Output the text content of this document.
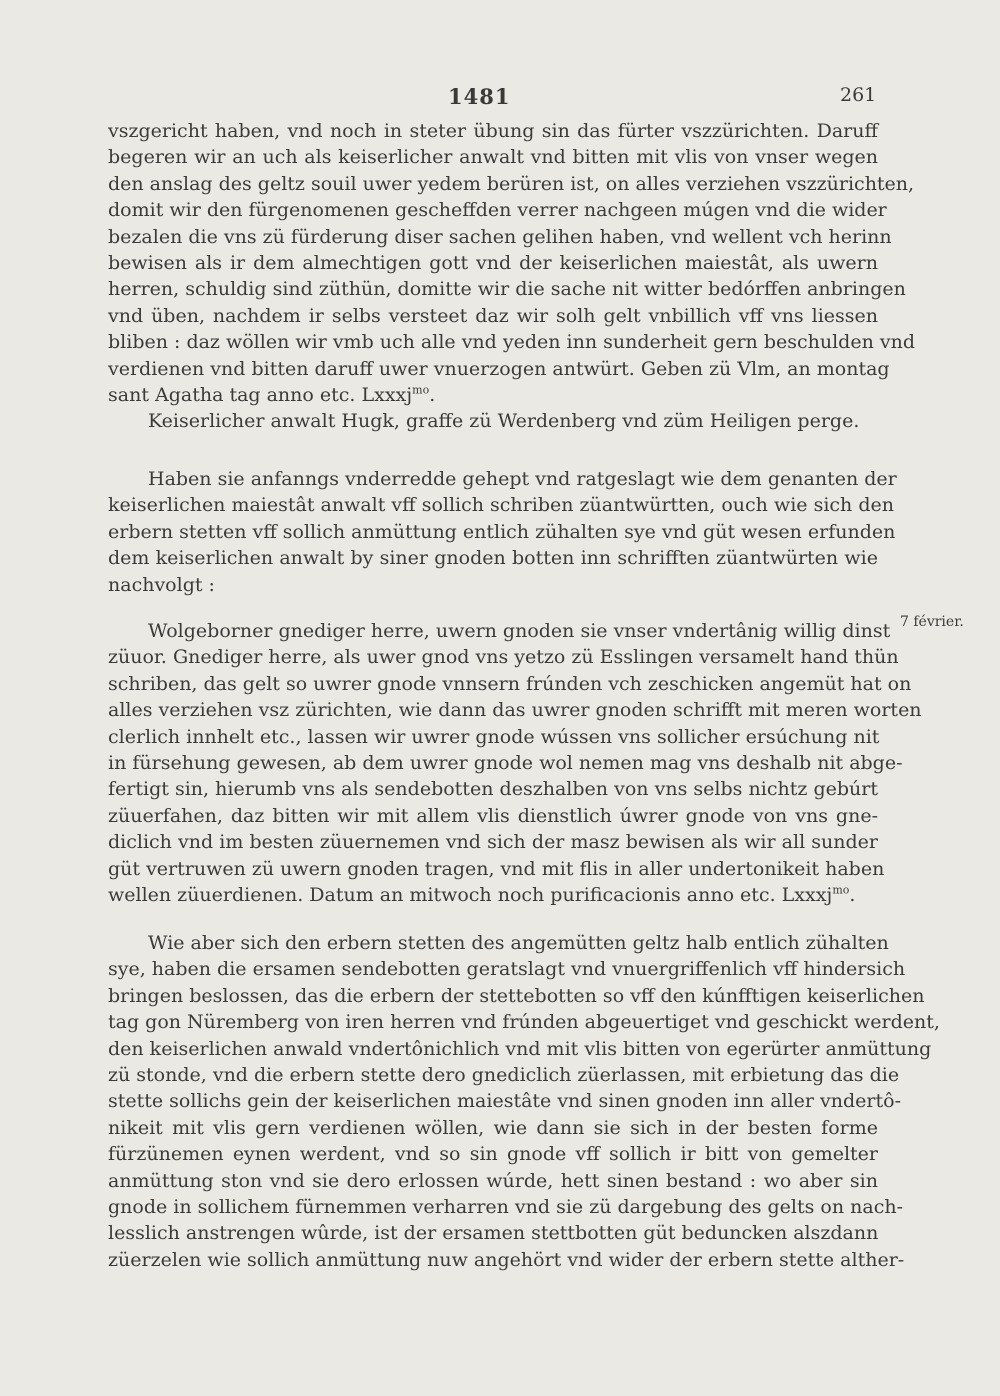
1481	261
7 février.
vszgericht haben, vnd noch in steter übung sin das fürter vszzürichten. Daruff
begeren wir an uch als keiserlicher anwalt vnd bitten mit vlis von vnser wegen
den anslag des geltz souil uwer yedem berüren ist, on alles verziehen vszzürichten,
domit wir den fürgenomenen gescheffden verrer nachgeen múgen vnd die wider
bezalen die vns zü fürderung diser sachen gelihen haben, vnd wellent vch herinn
bewisen als ir dem almechtigen gott vnd der keiserlichen maiestât, als uwern
herren, schuldig sind züthün, domitte wir die sache nit witter bedórffen anbringen
vnd üben, nachdem ir selbs versteet daz wir solh gelt vnbillich vff vns liessen
bliben : daz wöllen wir vmb uch alle vnd yeden inn sunderheit gern beschulden vnd
verdienen vnd bitten daruff uwer vnuerzogen antwürt. Geben zü Vlm, an montag
sant Agatha tag anno etc. Lxxxj$^{mo}$.
Keiserlicher anwalt Hugk, graffe zü Werdenberg vnd züm Heiligen perge.
Haben sie anfanngs vnderredde gehept vnd ratgeslagt wie dem genanten der
keiserlichen maiestât anwalt vff sollich schriben züantwürtten, ouch wie sich den
erbern stetten vff sollich anmüttung entlich zühalten sye vnd güt wesen erfunden
dem keiserlichen anwalt by siner gnoden botten inn schrifften züantwürten wie
nachvolgt :
Wolgeborner gnediger herre, uwern gnoden sie vnser vndertânig willig dinst
züuor. Gnediger herre, als uwer gnod vns yetzo zü Esslingen versamelt hand thün
schriben, das gelt so uwrer gnode vnnsern frúnden vch zeschicken angemüt hat on
alles verziehen vsz zürichten, wie dann das uwrer gnoden schrifft mit meren worten
clerlich innhelt etc., lassen wir uwrer gnode wússen vns sollicher ersúchung nit
in fürsehung gewesen, ab dem uwrer gnode wol nemen mag vns deshalb nit abge-
fertigt sin, hierumb vns als sendebotten deszhalben von vns selbs nichtz gebúrt
züuerfahen, daz bitten wir mit allem vlis dienstlich úwrer gnode von vns gne-
diclich vnd im besten züuernemen vnd sich der masz bewisen als wir all sunder
güt vertruwen zü uwern gnoden tragen, vnd mit flis in aller undertonikeit haben
wellen züuerdienen. Datum an mitwoch noch purificacionis anno etc. Lxxxj$^{mo}$.
Wie aber sich den erbern stetten des angemütten geltz halb entlich zühalten
sye, haben die ersamen sendebotten geratslagt vnd vnuergriffenlich vff hindersich
bringen beslossen, das die erbern der stettebotten so vff den kúnfftigen keiserlichen
tag gon Nüremberg von iren herren vnd frúnden abgeuertiget vnd geschickt werdent,
den keiserlichen anwald vndertônichlich vnd mit vlis bitten von egerürter anmüttung
zü stonde, vnd die erbern stette dero gnediclich züerlassen, mit erbietung das die
stette sollichs gein der keiserlichen maiestâte vnd sinen gnoden inn aller vndertô-
nikeit mit vlis gern verdienen wöllen, wie dann sie sich in der besten forme
fürzünemen eynen werdent, vnd so sin gnode vff sollich ir bitt von gemelter
anmüttung ston vnd sie dero erlossen wúrde, hett sinen bestand : wo aber sin
gnode in sollichem fürnemmen verharren vnd sie zü dargebung des gelts on nach-
lesslich anstrengen wûrde, ist der ersamen stettbotten güt beduncken alszdann
züerzelen wie sollich anmüttung nuw angehört vnd wider der erbern stette alther-
